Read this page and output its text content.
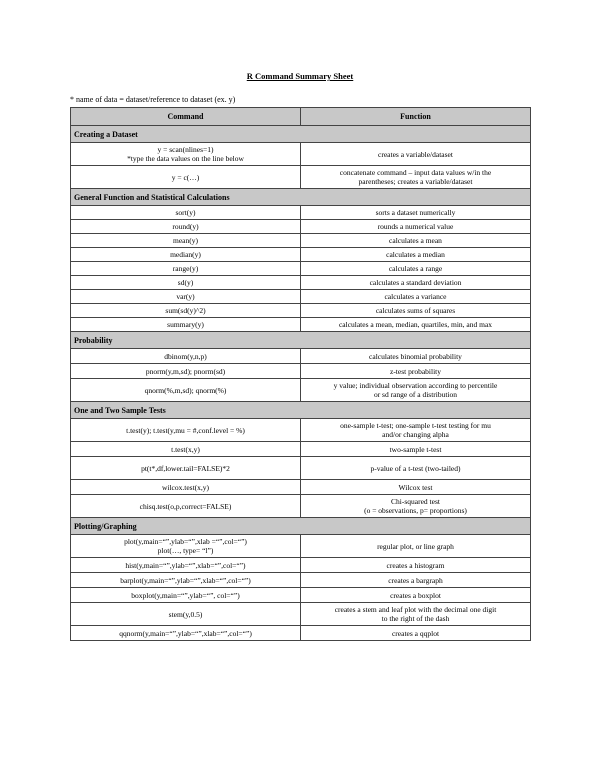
R Command Summary Sheet
* name of data = dataset/reference to dataset (ex. y)
Command	Function
Creating a Dataset	

y = scan(nlines=1)
*type the data values on the line below	creates a variable/dataset

y = c(…)	concatenate command – input data values w/in the
parentheses; creates a variable/dataset

General Function and Statistical Calculations	

sort(y)	sorts a dataset numerically

round(y)	rounds a numerical value

mean(y)	calculates a mean

median(y)	calculates a median

range(y)	calculates a range

sd(y)	calculates a standard deviation

var(y)	calculates a variance

sum(sd(y)^2)	calculates sums of squares

summary(y)	calculates a mean, median, quartiles, min, and max

Probability	

dbinom(y,n,p)	calculates binomial probability

pnorm(y,m,sd); pnorm(sd)	z-test probability

qnorm(%,m,sd); qnorm(%)	y value; individual observation according to percentile
or sd range of a distribution

One and Two Sample Tests	

t.test(y); t.test(y,mu = #,conf.level = %)	one-sample t-test; one-sample t-test testing for mu
and/or changing alpha

t.test(x,y)	two-sample t-test

pt(t*,df,lower.tail=FALSE)*2	p-value of a t-test (two-tailed)

wilcox.test(x,y)	Wilcox test

chisq.test(o,p,correct=FALSE)	Chi-squared test
(o = observations, p= proportions)

Plotting/Graphing	

plot(y,main=“”,ylab=“”,xlab =“”,col=“”)
plot(…, type= “l”)	regular plot, or line graph

hist(y,main=“”,ylab=“”,xlab=“”,col=“”)	creates a histogram

barplot(y,main=“”,ylab=“”,xlab=“”,col=“”)	creates a bargraph

boxplot(y,main=“”,ylab=“”, col=“”)	creates a boxplot

stem(y,0.5)	creates a stem and leaf plot with the decimal one digit
to the right of the dash

qqnorm(y,main=“”,ylab=“”,xlab=“”,col=“”)	creates a qqplot
